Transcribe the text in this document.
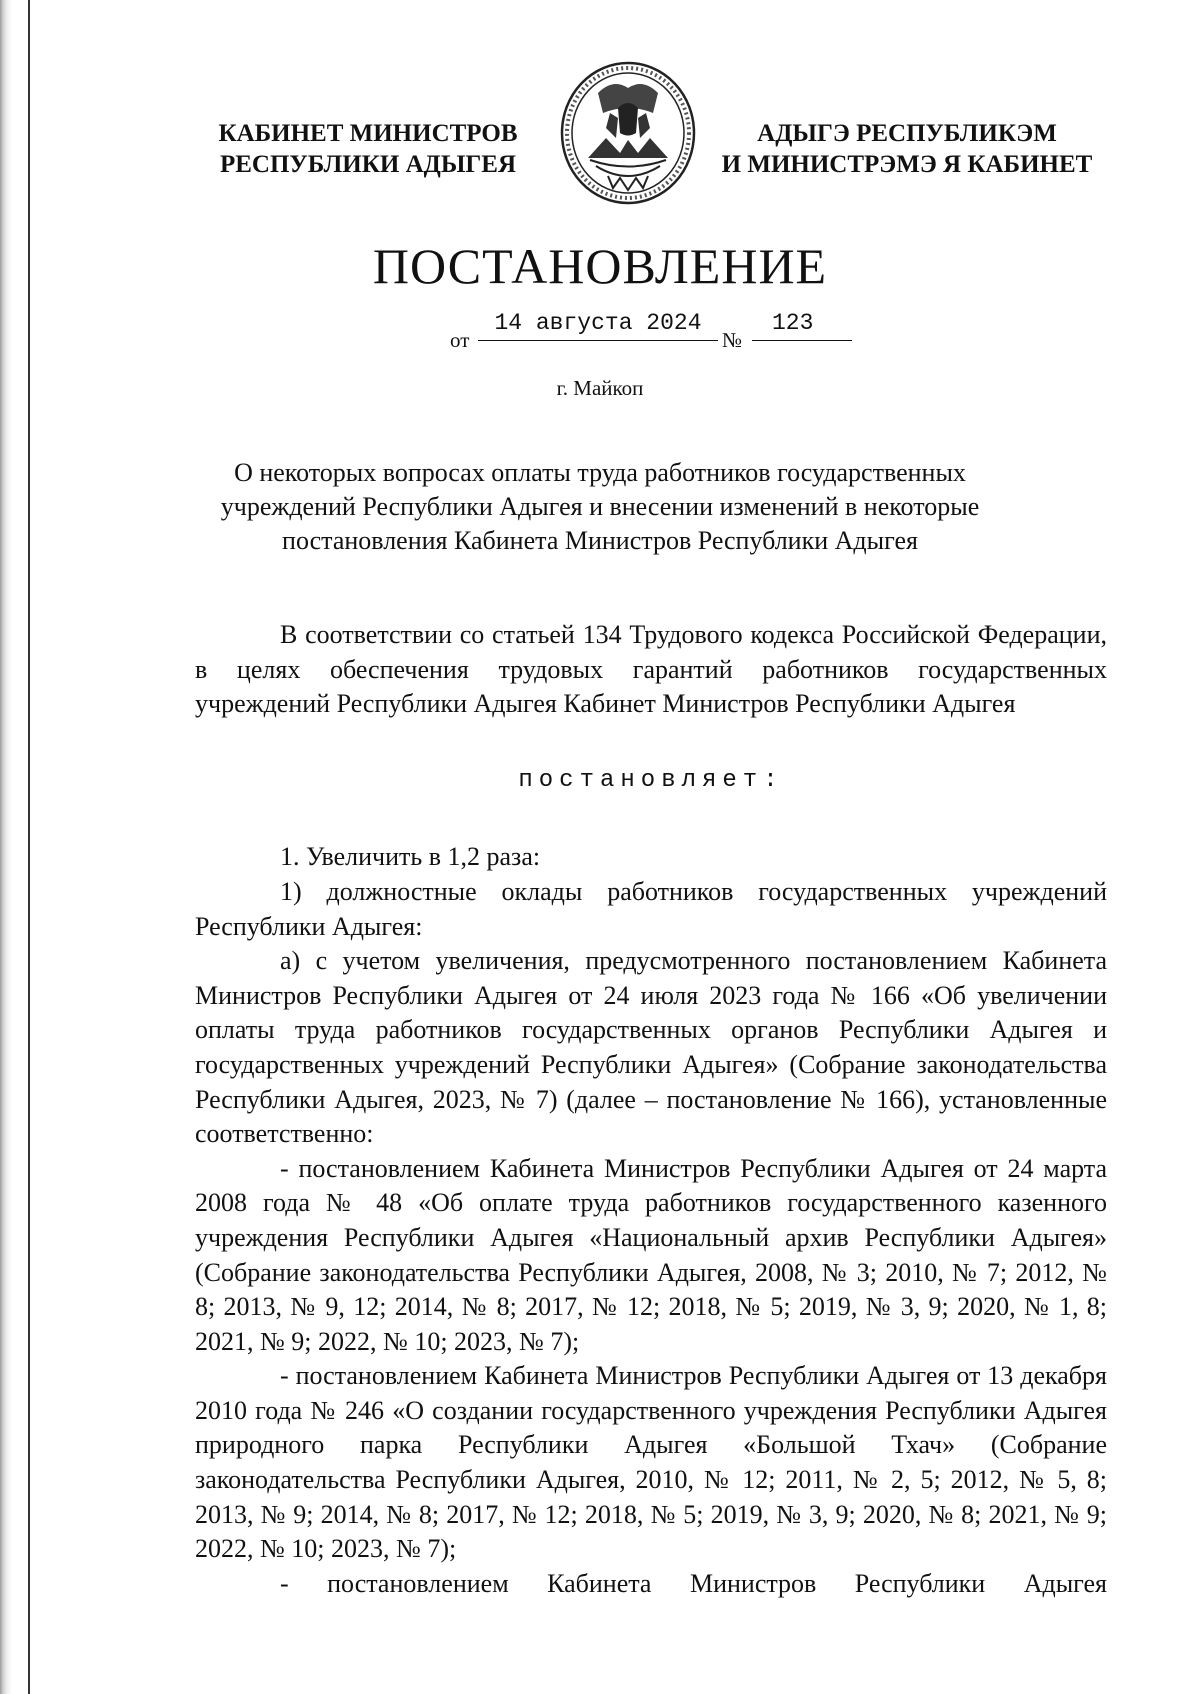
КАБИНЕТ МИНИСТРОВ
РЕСПУБЛИКИ АДЫГЕЯ
АДЫГЭ РЕСПУБЛИКЭМ
И МИНИСТРЭМЭ Я КАБИНЕТ
ПОСТАНОВЛЕНИЕ
от
14 августа 2024
№
123
г. Майкоп
О некоторых вопросах оплаты труда работников государственных
учреждений Республики Адыгея и внесении изменений в некоторые
постановления Кабинета Министров Республики Адыгея

В соответствии со статьей 134 Трудового кодекса Российской Федерации, в целях обеспечения трудовых гарантий работников государственных учреждений Республики Адыгея Кабинет Министров Республики Адыгея

постановляет:

1. Увеличить в 1,2 раза:

1) должностные оклады работников государственных учреждений Республики Адыгея:

а) с учетом увеличения, предусмотренного постановлением Кабинета Министров Республики Адыгея от 24 июля 2023 года № 166 «Об увеличении оплаты труда работников государственных органов Республики Адыгея и государственных учреждений Республики Адыгея» (Собрание законодательства Республики Адыгея, 2023, № 7) (далее – постановление № 166), установленные соответственно:

- постановлением Кабинета Министров Республики Адыгея от 24 марта 2008 года № 48 «Об оплате труда работников государственного казенного учреждения Республики Адыгея «Национальный архив Республики Адыгея» (Собрание законодательства Республики Адыгея, 2008, № 3; 2010, № 7; 2012, № 8; 2013, № 9, 12; 2014, № 8; 2017, № 12; 2018, № 5; 2019, № 3, 9; 2020, № 1, 8; 2021, № 9; 2022, № 10; 2023, № 7);

- постановлением Кабинета Министров Республики Адыгея от 13 декабря 2010 года № 246 «О создании государственного учреждения Республики Адыгея природного парка Республики Адыгея «Большой Тхач» (Собрание законодательства Республики Адыгея, 2010, № 12; 2011, № 2, 5; 2012, № 5, 8; 2013, № 9; 2014, № 8; 2017, № 12; 2018, № 5; 2019, № 3, 9; 2020, № 8; 2021, № 9; 2022, № 10; 2023, № 7);

- постановлением Кабинета Министров Республики Адыгея
